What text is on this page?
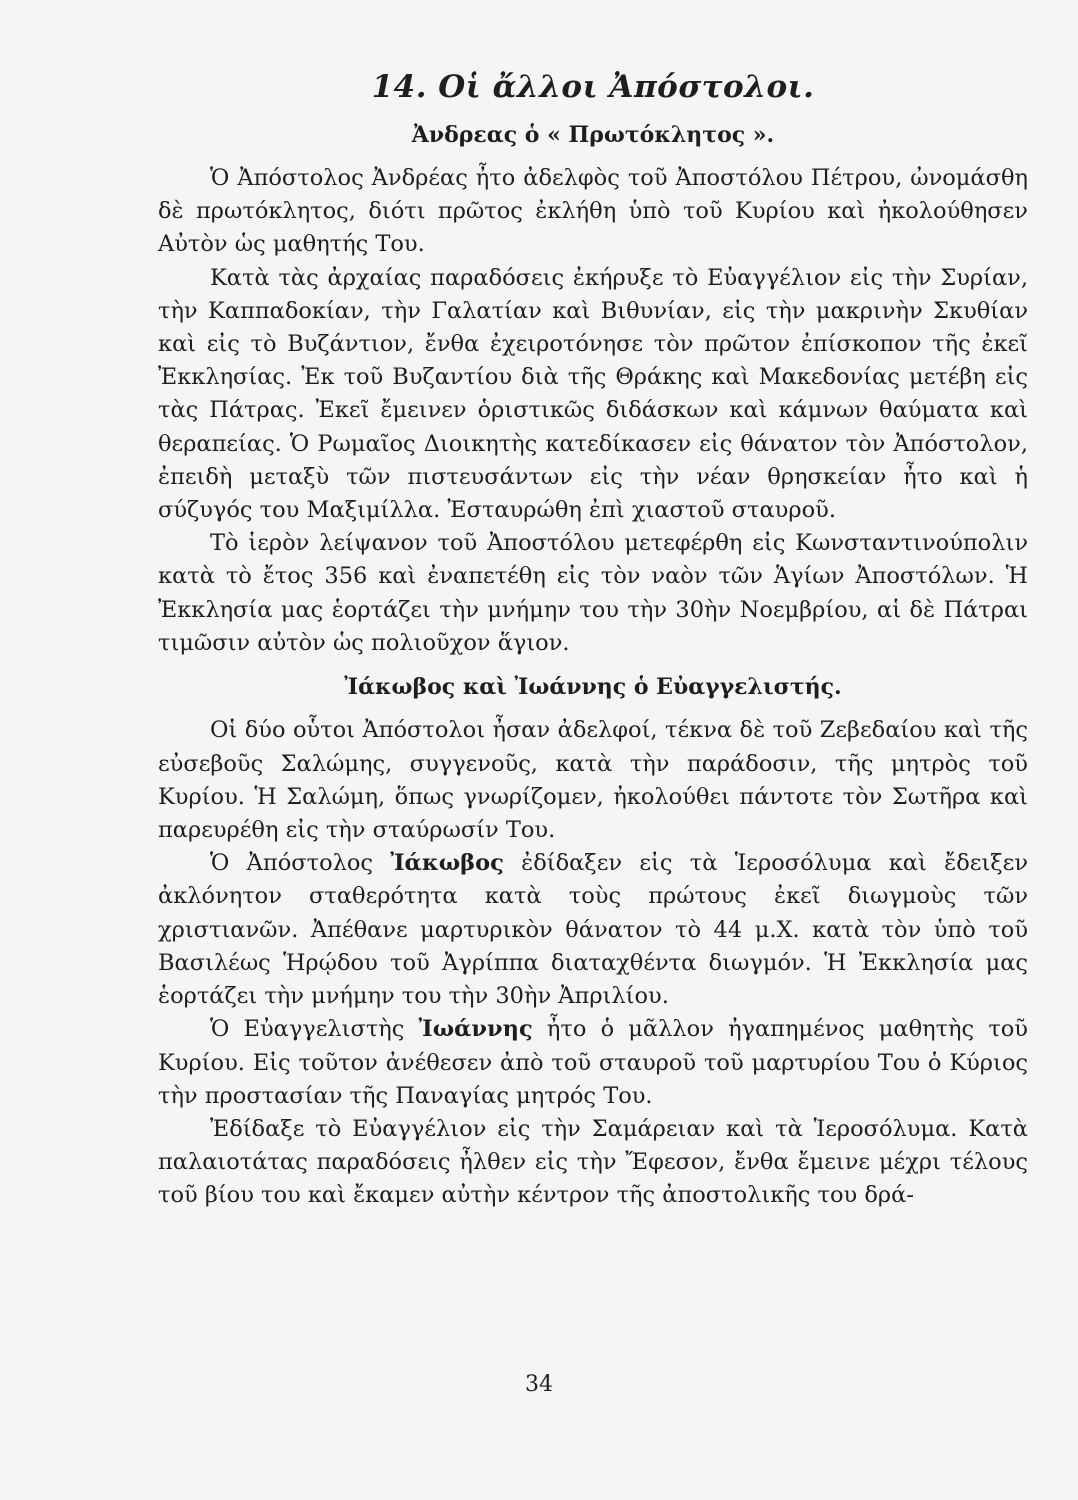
14. Οἱ ἄλλοι Ἀπόστολοι.
Ἀνδρεας ὁ « Πρωτόκλητος ».

Ὁ Ἀπόστολος Ἀνδρέας ἦτο ἀδελφὸς τοῦ Ἀποστόλου Πέτρου, ὠνομάσθη δὲ πρωτόκλητος, διότι πρῶτος ἐκλήθη ὑπὸ τοῦ Κυρίου καὶ ἠκολούθησεν Αὐτὸν ὡς μαθητής Του.

Κατὰ τὰς ἀρχαίας παραδόσεις ἐκήρυξε τὸ Εὐαγγέλιον εἰς τὴν Συρίαν, τὴν Καππαδοκίαν, τὴν Γαλατίαν καὶ Βιθυνίαν, εἰς τὴν μακρινὴν Σκυθίαν καὶ εἰς τὸ Βυζάντιον, ἔνθα ἐχειροτόνησε τὸν πρῶτον ἐπίσκοπον τῆς ἐκεῖ Ἐκκλησίας. Ἐκ τοῦ Βυζαντίου διὰ τῆς Θράκης καὶ Μακεδονίας μετέβη εἰς τὰς Πάτρας. Ἐκεῖ ἔμεινεν ὁριστικῶς διδάσκων καὶ κάμνων θαύματα καὶ θεραπείας. Ὁ Ρωμαῖος Διοικητὴς κατεδίκασεν εἰς θάνατον τὸν Ἀπόστολον, ἐπειδὴ μεταξὺ τῶν πιστευσάντων εἰς τὴν νέαν θρησκείαν ἦτο καὶ ἡ σύζυγός του Μαξιμίλλα. Ἐσταυρώθη ἐπὶ χιαστοῦ σταυροῦ.

Τὸ ἱερὸν λείψανον τοῦ Ἀποστόλου μετεφέρθη εἰς Κωνσταντινούπολιν κατὰ τὸ ἔτος 356 καὶ ἐναπετέθη εἰς τὸν ναὸν τῶν Ἁγίων Ἀποστόλων. Ἡ Ἐκκλησία μας ἑορτάζει τὴν μνήμην του τὴν 30ὴν Νοεμβρίου, αἱ δὲ Πάτραι τιμῶσιν αὐτὸν ὡς πολιοῦχον ἅγιον.

Ἰάκωβος καὶ Ἰωάννης ὁ Εὐαγγελιστής.

Οἱ δύο οὗτοι Ἀπόστολοι ἦσαν ἀδελφοί, τέκνα δὲ τοῦ Ζεβεδαίου καὶ τῆς εὐσεβοῦς Σαλώμης, συγγενοῦς, κατὰ τὴν παράδοσιν, τῆς μητρὸς τοῦ Κυρίου. Ἡ Σαλώμη, ὅπως γνωρίζομεν, ἠκολούθει πάντοτε τὸν Σωτῆρα καὶ παρευρέθη εἰς τὴν σταύρωσίν Του.

Ὁ Ἀπόστολος Ἰάκωβος ἐδίδαξεν εἰς τὰ Ἱεροσόλυμα καὶ ἔδειξεν ἀκλόνητον σταθερότητα κατὰ τοὺς πρώτους ἐκεῖ διωγμοὺς τῶν χριστιανῶν. Ἀπέθανε μαρτυρικὸν θάνατον τὸ 44 μ.Χ. κατὰ τὸν ὑπὸ τοῦ Βασιλέως Ἡρῴδου τοῦ Ἀγρίππα διαταχθέντα διωγμόν. Ἡ Ἐκκλησία μας ἑορτάζει τὴν μνήμην του τὴν 30ὴν Ἀπριλίου.

Ὁ Εὐαγγελιστὴς Ἰωάννης ἦτο ὁ μᾶλλον ἠγαπημένος μαθητὴς τοῦ Κυρίου. Εἰς τοῦτον ἀνέθεσεν ἀπὸ τοῦ σταυροῦ τοῦ μαρτυρίου Του ὁ Κύριος τὴν προστασίαν τῆς Παναγίας μητρός Του.

Ἐδίδαξε τὸ Εὐαγγέλιον εἰς τὴν Σαμάρειαν καὶ τὰ Ἱεροσόλυμα. Κατὰ παλαιοτάτας παραδόσεις ἦλθεν εἰς τὴν Ἔφεσον, ἔνθα ἔμεινε μέχρι τέλους τοῦ βίου του καὶ ἔκαμεν αὐτὴν κέντρον τῆς ἀποστολικῆς του δρά-

34
